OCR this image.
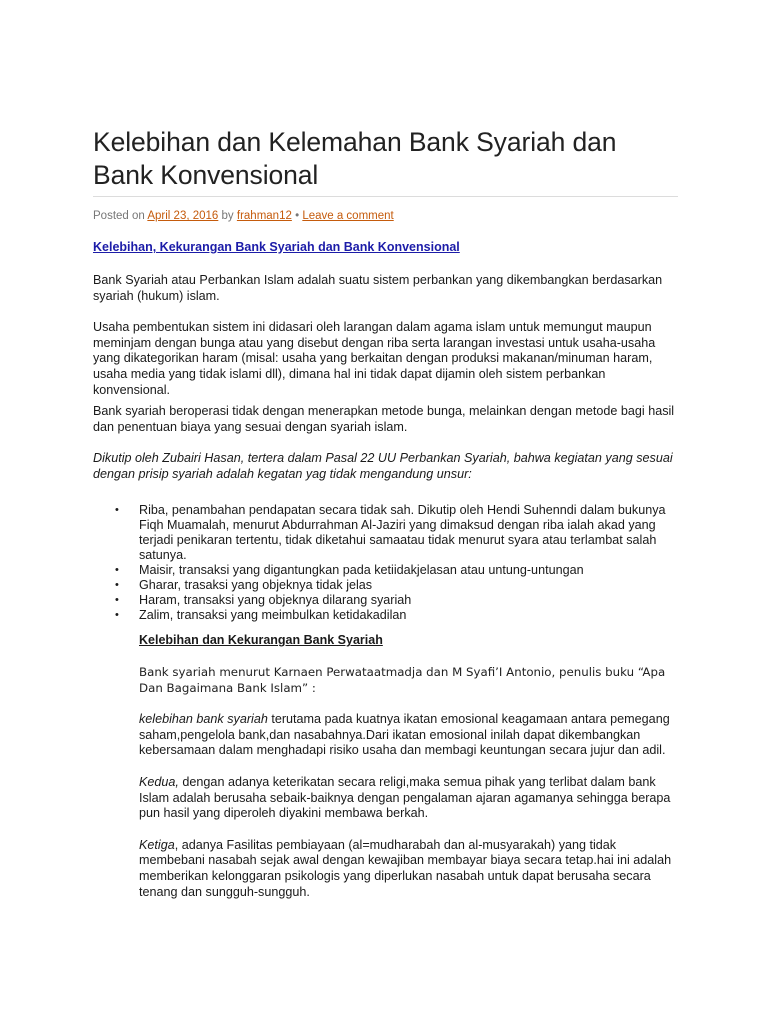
Kelebihan dan Kelemahan Bank Syariah dan Bank Konvensional
Posted on April 23, 2016 by frahman12 • Leave a comment
Kelebihan, Kekurangan Bank Syariah dan Bank Konvensional

Bank Syariah atau Perbankan Islam adalah suatu sistem perbankan yang dikembangkan berdasarkan syariah (hukum) islam.

Usaha pembentukan sistem ini didasari oleh larangan dalam agama islam untuk memungut maupun meminjam dengan bunga atau yang disebut dengan riba serta larangan investasi untuk usaha-usaha yang dikategorikan haram (misal: usaha yang berkaitan dengan produksi makanan/minuman haram, usaha media yang tidak islami dll), dimana hal ini tidak dapat dijamin oleh sistem perbankan konvensional.

Bank syariah beroperasi tidak dengan menerapkan metode bunga, melainkan dengan metode bagi hasil dan penentuan biaya yang sesuai dengan syariah islam.

Dikutip oleh Zubairi Hasan, tertera dalam Pasal 22 UU Perbankan Syariah, bahwa kegiatan yang sesuai dengan prisip syariah adalah kegatan yag tidak mengandung unsur:

• Riba, penambahan pendapatan secara tidak sah. Dikutip oleh Hendi Suhenndi dalam bukunya Fiqh Muamalah, menurut Abdurrahman Al-Jaziri yang dimaksud dengan riba ialah akad yang terjadi penikaran tertentu, tidak diketahui samaatau tidak menurut syara atau terlambat salah satunya.
• Maisir, transaksi yang digantungkan pada ketiidakjelasan atau untung-untungan
• Gharar, trasaksi yang objeknya tidak jelas
• Haram, transaksi yang objeknya dilarang syariah
• Zalim, transaksi yang meimbulkan ketidakadilan
Kelebihan dan Kekurangan Bank Syariah

Bank syariah menurut Karnaen Perwataatmadja dan M Syafi’I Antonio, penulis buku “Apa Dan Bagaimana Bank Islam” :

kelebihan bank syariah terutama pada kuatnya ikatan emosional keagamaan antara pemegang saham,pengelola bank,dan nasabahnya.Dari ikatan emosional inilah dapat dikembangkan kebersamaan dalam menghadapi risiko usaha dan membagi keuntungan secara jujur dan adil.

Kedua, dengan adanya keterikatan secara religi,maka semua pihak yang terlibat dalam bank Islam adalah berusaha sebaik-baiknya dengan pengalaman ajaran agamanya sehingga berapa pun hasil yang diperoleh diyakini membawa berkah.

Ketiga, adanya Fasilitas pembiayaan (al=mudharabah dan al-musyarakah) yang tidak membebani nasabah sejak awal dengan kewajiban membayar biaya secara tetap.hai ini adalah memberikan kelonggaran psikologis yang diperlukan nasabah untuk dapat berusaha secara tenang dan sungguh-sungguh.
